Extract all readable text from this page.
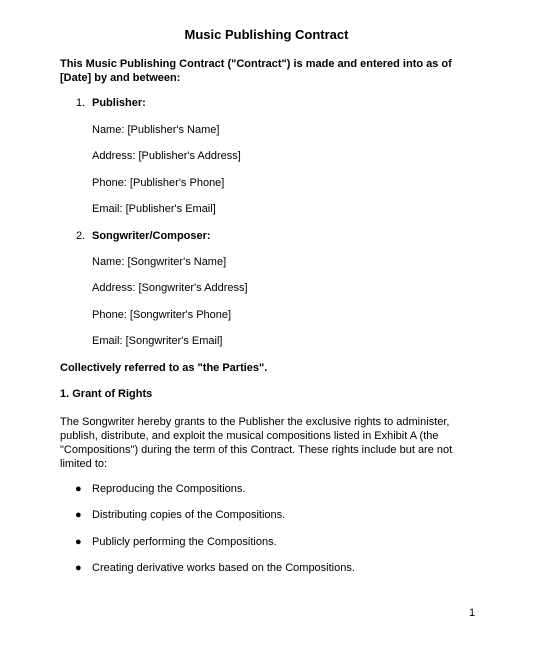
Music Publishing Contract
This Music Publishing Contract ("Contract") is made and entered into as of [Date] by and between:
1. Publisher:
Name: [Publisher's Name]
Address: [Publisher's Address]
Phone: [Publisher's Phone]
Email: [Publisher's Email]
2. Songwriter/Composer:
Name: [Songwriter's Name]
Address: [Songwriter's Address]
Phone: [Songwriter's Phone]
Email: [Songwriter's Email]
Collectively referred to as "the Parties".
1. Grant of Rights
The Songwriter hereby grants to the Publisher the exclusive rights to administer, publish, distribute, and exploit the musical compositions listed in Exhibit A (the "Compositions") during the term of this Contract. These rights include but are not limited to:
● Reproducing the Compositions.
● Distributing copies of the Compositions.
● Publicly performing the Compositions.
● Creating derivative works based on the Compositions.
1
